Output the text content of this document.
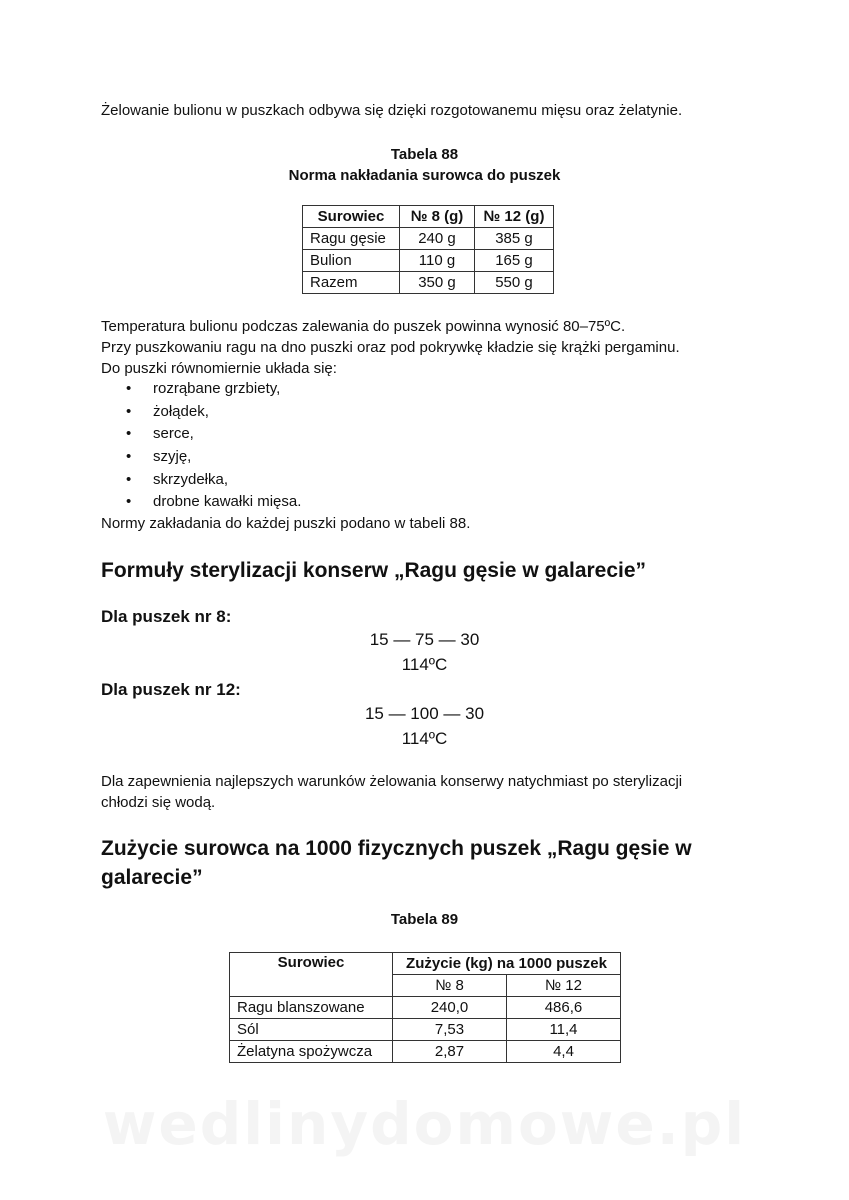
Żelowanie bulionu w puszkach odbywa się dzięki rozgotowanemu mięsu oraz żelatynie.

Tabela 88
Norma nakładania surowca do puszek
Surowiec	№ 8 (g)	№ 12 (g)
Ragu gęsie	240 g	385 g
Bulion	110 g	165 g
Razem	350 g	550 g

Temperatura bulionu podczas zalewania do puszek powinna wynosić 80–75ºC.

Przy puszkowaniu ragu na dno puszki oraz pod pokrywkę kładzie się krążki pergaminu.

Do puszki równomiernie układa się:

• rozrąbane grzbiety,
• żołądek,
• serce,
• szyję,
• skrzydełka,
• drobne kawałki mięsa.

Normy zakładania do każdej puszki podano w tabeli 88.

Formuły sterylizacji konserw „Ragu gęsie w galarecie”
Dla puszek nr 8:
15 — 75 — 30
114ºC
Dla puszek nr 12:
15 — 100 — 30
114ºC

Dla zapewnienia najlepszych warunków żelowania konserwy natychmiast po sterylizacji

chłodzi się wodą.

Zużycie surowca na 1000 fizycznych puszek „Ragu gęsie w
galarecie”
Tabela 89
Surowiec	Zużycie (kg) na 1000 puszek	
	№ 8	№ 12
Ragu blanszowane	240,0	486,6
Sól	7,53	11,4
Żelatyna spożywcza	2,87	4,4
wedlinydomowe.pl
